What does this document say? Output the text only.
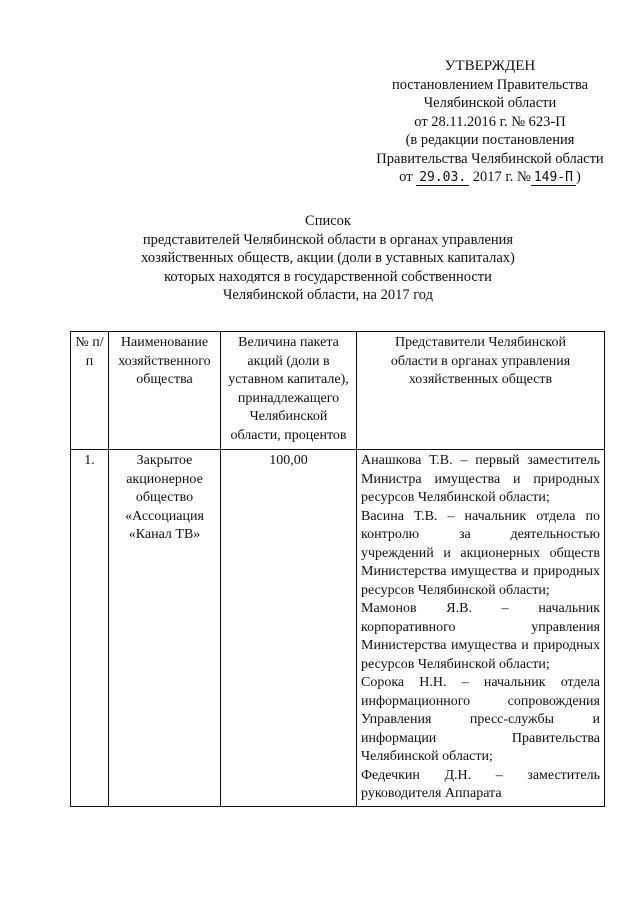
УТВЕРЖДЕН
постановлением Правительства
Челябинской области
от 28.11.2016 г. № 623-П
(в редакции постановления
Правительства Челябинской области
от 29.03. 2017 г. № 149-П )
Список
представителей Челябинской области в органах управления
хозяйственных обществ, акции (доли в уставных капиталах)
которых находятся в государственной собственности
Челябинской области, на 2017 год
№ п/п	Наименование хозяйственного общества	Величина пакета акций (доли в уставном капитале), принадлежащего Челябинской области, процентов	Представители Челябинской области в органах управления хозяйственных обществ
1.	Закрытое акционерное общество «Ассоциация «Канал ТВ»	100,00	Анашкова Т.В. – первый заместитель Министра имущества и природных ресурсов Челябинской области;
Васина Т.В. – начальник отдела по контролю за деятельностью учреждений и акционерных обществ Министерства имущества и природных ресурсов Челябинской области;
Мамонов Я.В. – начальник корпоративного управления Министерства имущества и природных ресурсов Челябинской области;
Сорока Н.Н. – начальник отдела информационного сопровождения Управления пресс-службы и информации Правительства Челябинской области;
Федечкин Д.Н. – заместитель руководителя Аппарата
